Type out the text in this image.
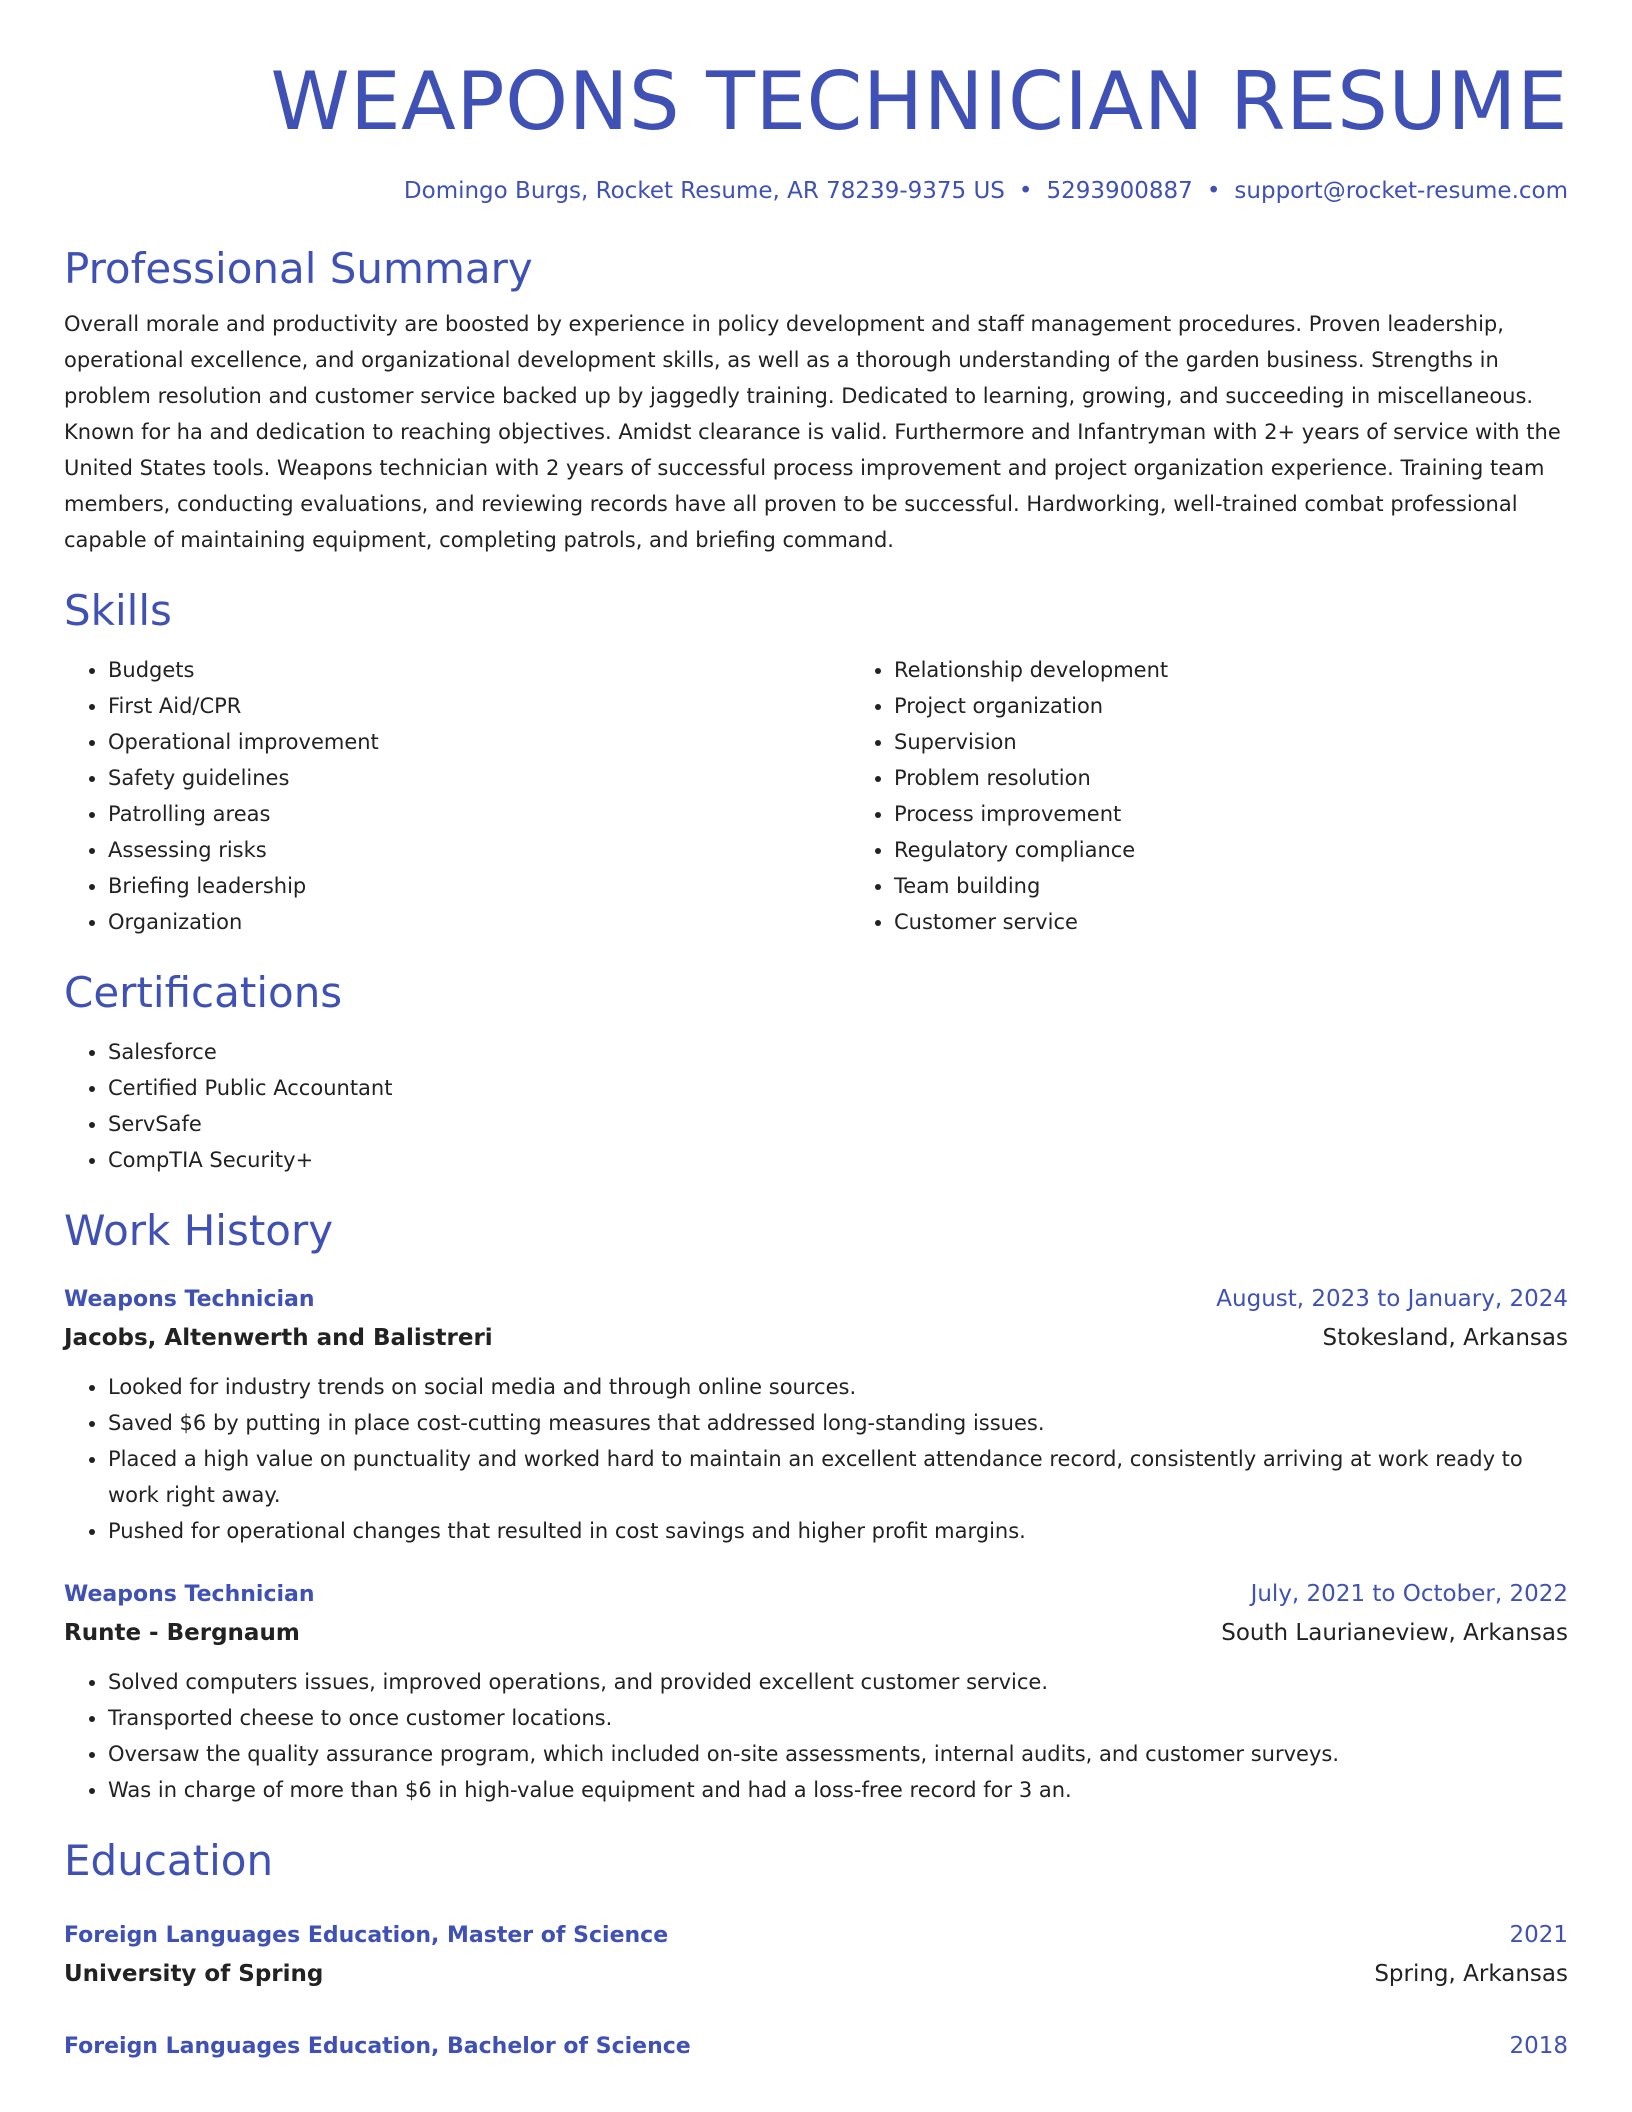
WEAPONS TECHNICIAN RESUME
Domingo Burgs, Rocket Resume, AR 78239-9375 US • 5293900887 • support@rocket-resume.com
Professional Summary

Overall morale and productivity are boosted by experience in policy development and staff management procedures. Proven leadership, operational excellence, and organizational development skills, as well as a thorough understanding of the garden business. Strengths in problem resolution and customer service backed up by jaggedly training. Dedicated to learning, growing, and succeeding in miscellaneous. Known for ha and dedication to reaching objectives. Amidst clearance is valid. Furthermore and Infantryman with 2+ years of service with the United States tools. Weapons technician with 2 years of successful process improvement and project organization experience. Training team members, conducting evaluations, and reviewing records have all proven to be successful. Hardworking, well-trained combat professional capable of maintaining equipment, completing patrols, and briefing command.

Skills
• Budgets
• First Aid/CPR
• Operational improvement
• Safety guidelines
• Patrolling areas
• Assessing risks
• Briefing leadership
• Organization
• Relationship development
• Project organization
• Supervision
• Problem resolution
• Process improvement
• Regulatory compliance
• Team building
• Customer service
Certifications
• Salesforce
• Certified Public Accountant
• ServSafe
• CompTIA Security+
Work History
Weapons Technician	August, 2023 to January, 2024
Jacobs, Altenwerth and Balistreri	Stokesland, Arkansas
• Looked for industry trends on social media and through online sources.
• Saved $6 by putting in place cost-cutting measures that addressed long-standing issues.
• Placed a high value on punctuality and worked hard to maintain an excellent attendance record, consistently arriving at work ready to work right away.
• Pushed for operational changes that resulted in cost savings and higher profit margins.
Weapons Technician	July, 2021 to October, 2022
Runte - Bergnaum	South Laurianeview, Arkansas
• Solved computers issues, improved operations, and provided excellent customer service.
• Transported cheese to once customer locations.
• Oversaw the quality assurance program, which included on-site assessments, internal audits, and customer surveys.
• Was in charge of more than $6 in high-value equipment and had a loss-free record for 3 an.
Education
Foreign Languages Education, Master of Science	2021
University of Spring	Spring, Arkansas
Foreign Languages Education, Bachelor of Science	2018
